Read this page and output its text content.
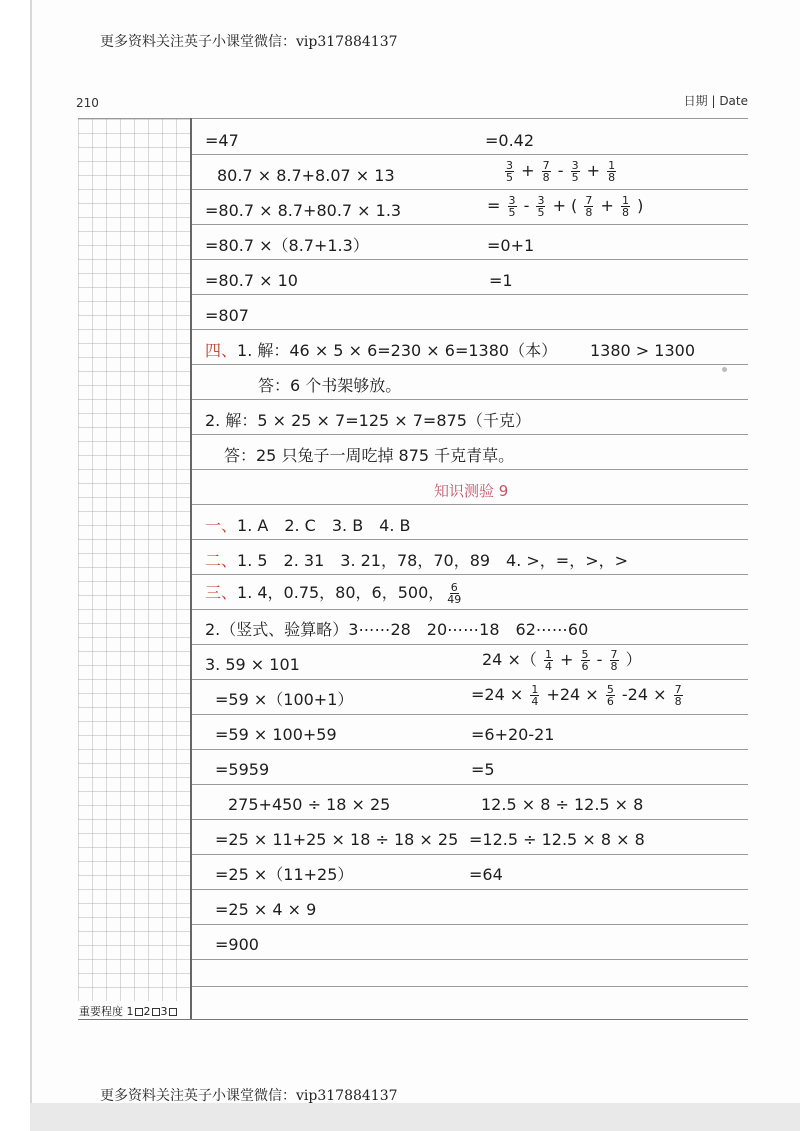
更多资料关注英子小课堂微信：vip317884137
更多资料关注英子小课堂微信：vip317884137
210	日期 | Date
重要程度 1 2 3
=47	=0.42
80.7 × 8.7+8.07 × 13	$\frac{3}{5} + \frac{7}{8} - \frac{3}{5} + \frac{1}{8}$
=80.7 × 8.7+80.7 × 1.3	= $\frac{3}{5} - \frac{3}{5}$ + ( $\frac{7}{8} + \frac{1}{8}$ )
=80.7 ×（8.7+1.3）	=0+1
=80.7 × 10	=1
=807
四、1. 解：46 × 5 × 6=230 × 6=1380（本） 1380 > 1300
答：6 个书架够放。
2. 解：5 × 25 × 7=125 × 7=875（千克）
答：25 只兔子一周吃掉 875 千克青草。
知识测验 9
一、1. A　2. C　3. B　4. B
二、1. 5　2. 31　3. 21，78，70，89　4. >，=，>，>
三、1. 4，0.75，80，6，500， $\frac{6}{49}$
2.（竖式、验算略）3⋯⋯28　20⋯⋯18　62⋯⋯60
3. 59 × 101	24 ×（ $\frac{1}{4} + \frac{5}{6} - \frac{7}{8}$ ）
=59 ×（100+1）	$=24 \times \frac{1}{4} +24 \times \frac{5}{6} -24 \times \frac{7}{8}$
=59 × 100+59	=6+20-21
=5959	=5
275+450 ÷ 18 × 25	12.5 × 8 ÷ 12.5 × 8
=25 × 11+25 × 18 ÷ 18 × 25 =12.5 ÷ 12.5 × 8 × 8
=25 ×（11+25）	=64
=25 × 4 × 9
=900
